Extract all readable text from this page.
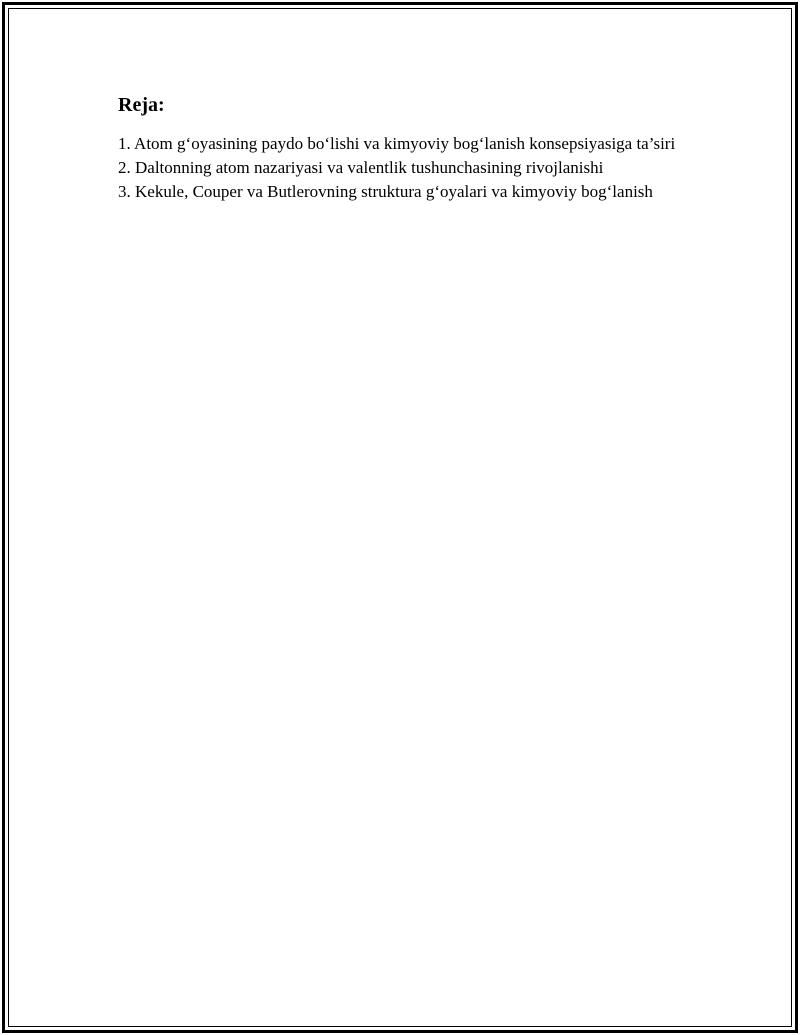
Reja:
1. Atom g‘oyasining paydo bo‘lishi va kimyoviy bog‘lanish konsepsiyasiga ta’siri
2. Daltonning atom nazariyasi va valentlik tushunchasining rivojlanishi
3. Kekule, Couper va Butlerovning struktura g‘oyalari va kimyoviy bog‘lanish
